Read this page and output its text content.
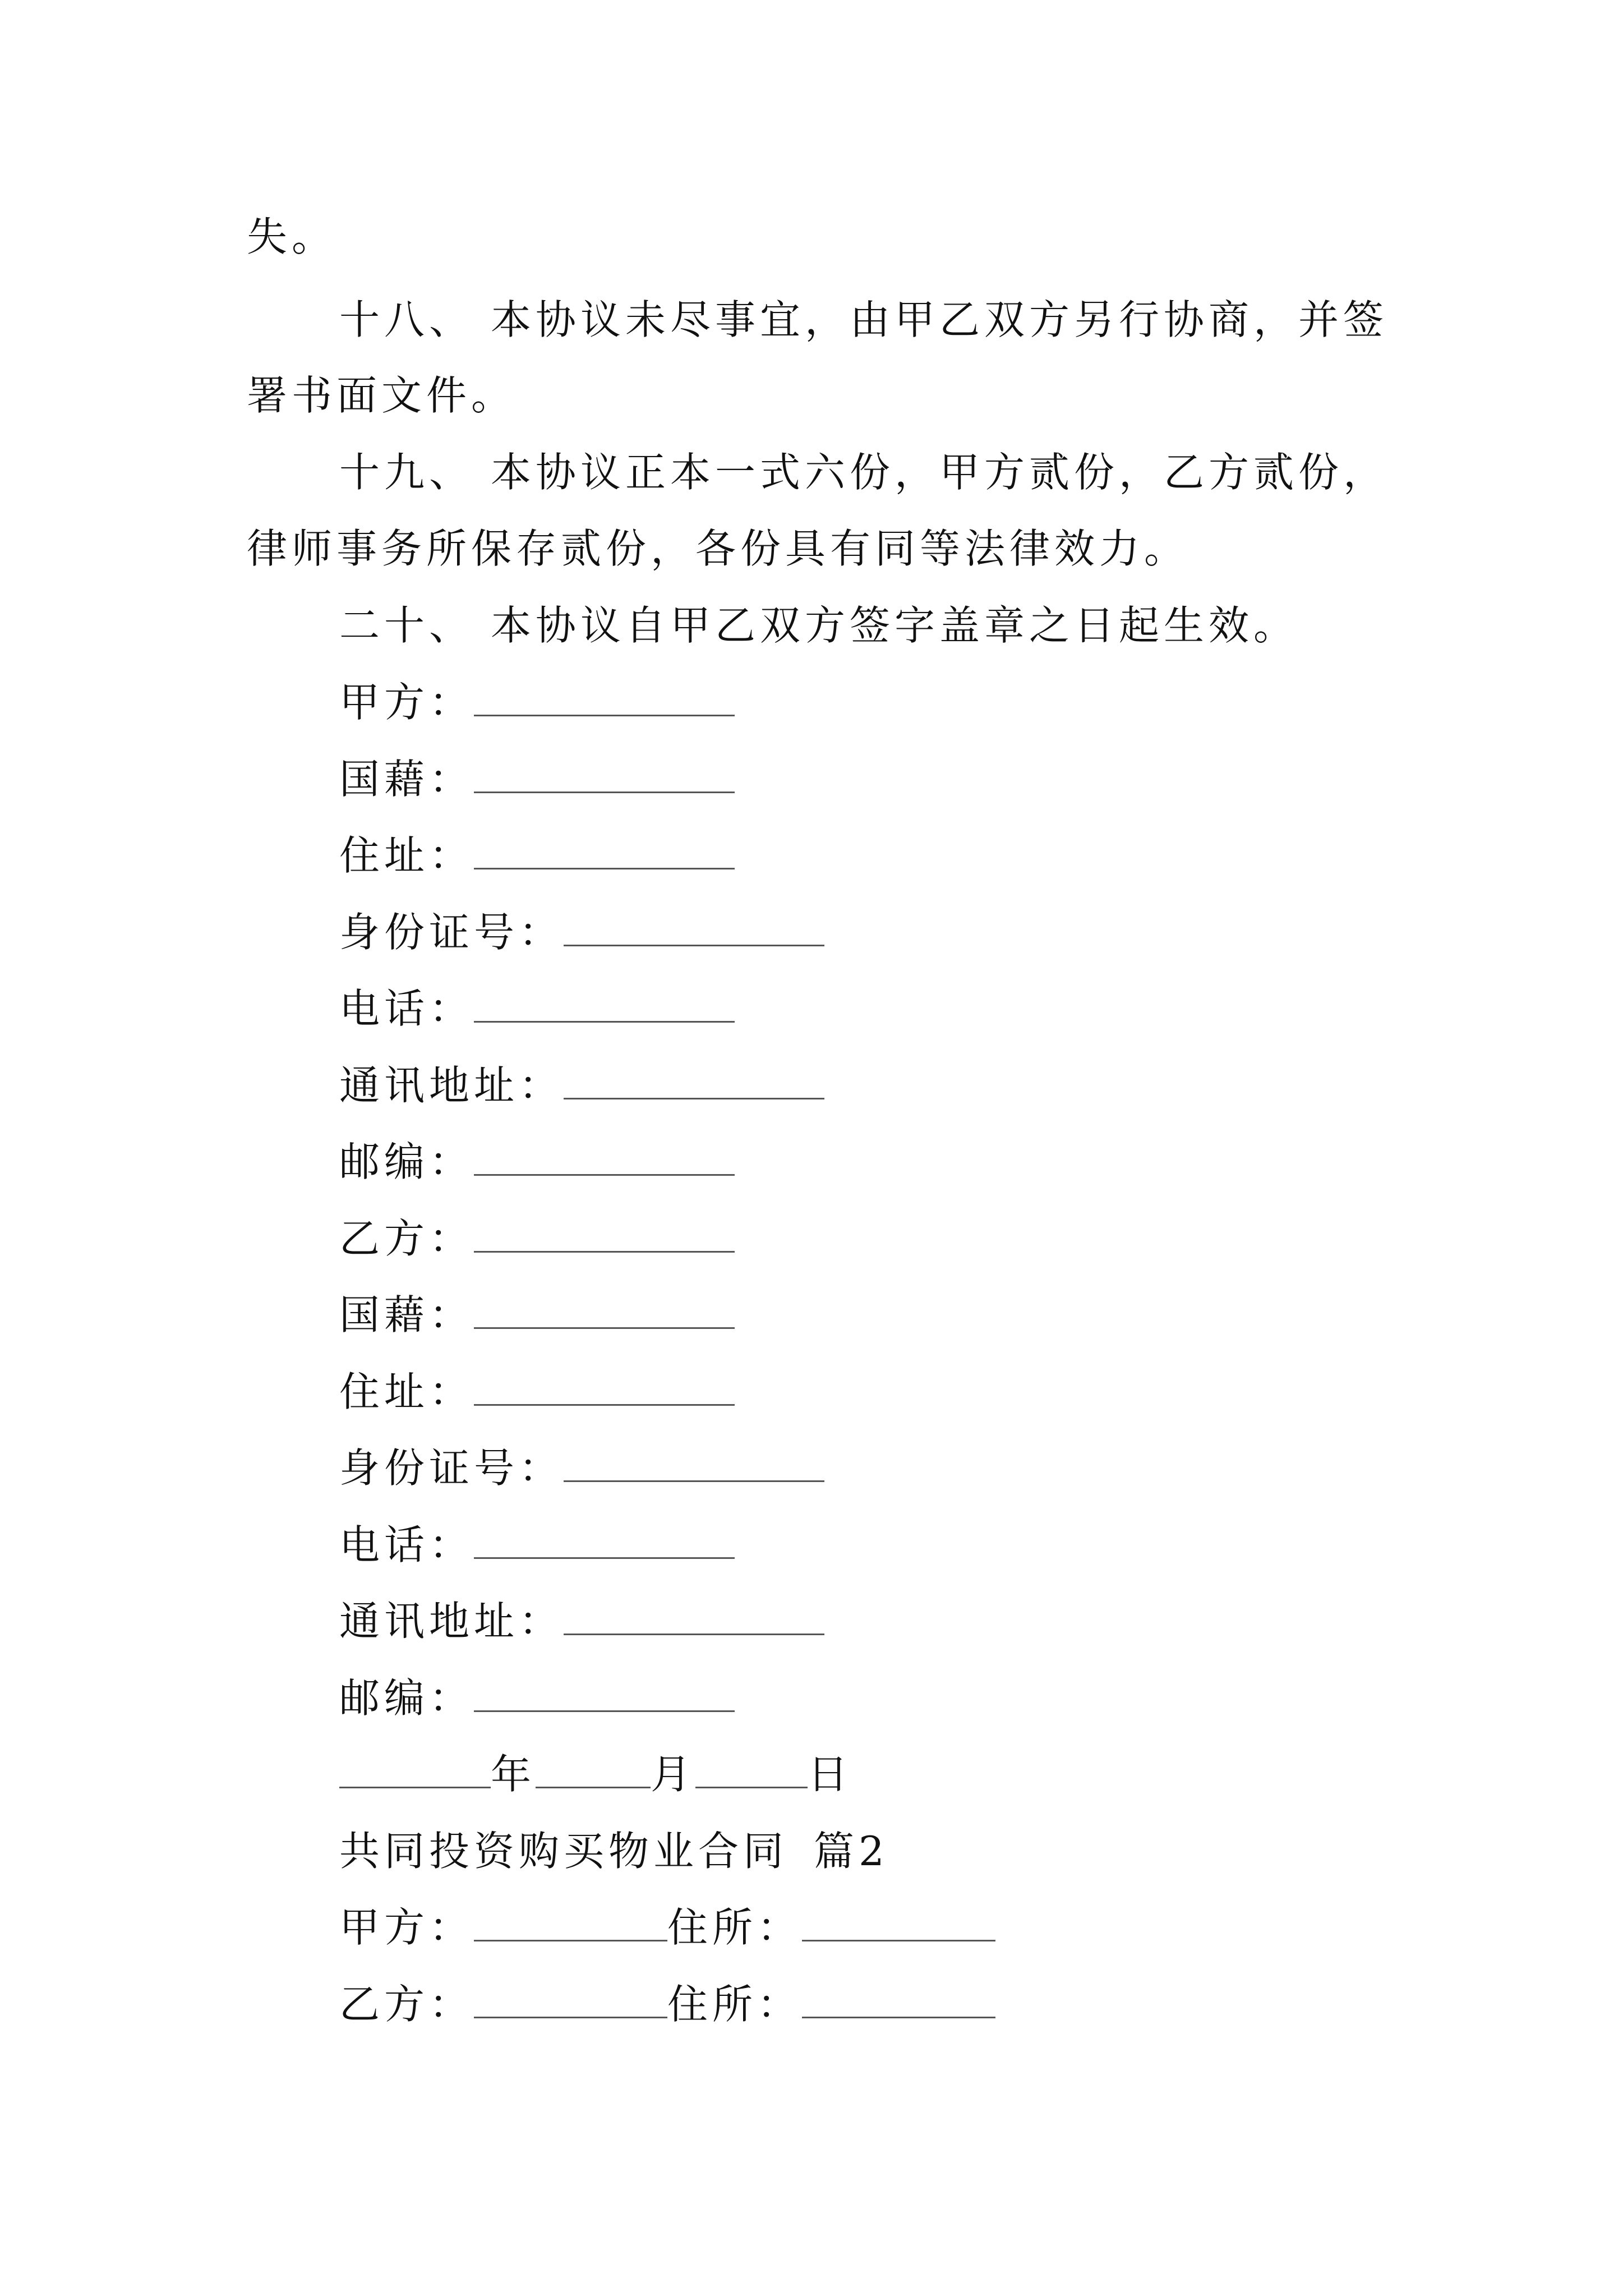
失。
十八、 本协议未尽事宜，由甲乙双方另行协商，并签
署书面文件。
十九、 本协议正本一式六份，甲方贰份，乙方贰份，
律师事务所保存贰份，各份具有同等法律效力。
二十、 本协议自甲乙双方签字盖章之日起生效。
甲方：
国藉：
住址：
身份证号：
电话：
通讯地址：
邮编：
乙方：
国藉：
住址：
身份证号：
电话：
通讯地址：
邮编：
年	月	日
共同投资购买物业合同 篇2
甲方：	住所：
乙方：	住所：
